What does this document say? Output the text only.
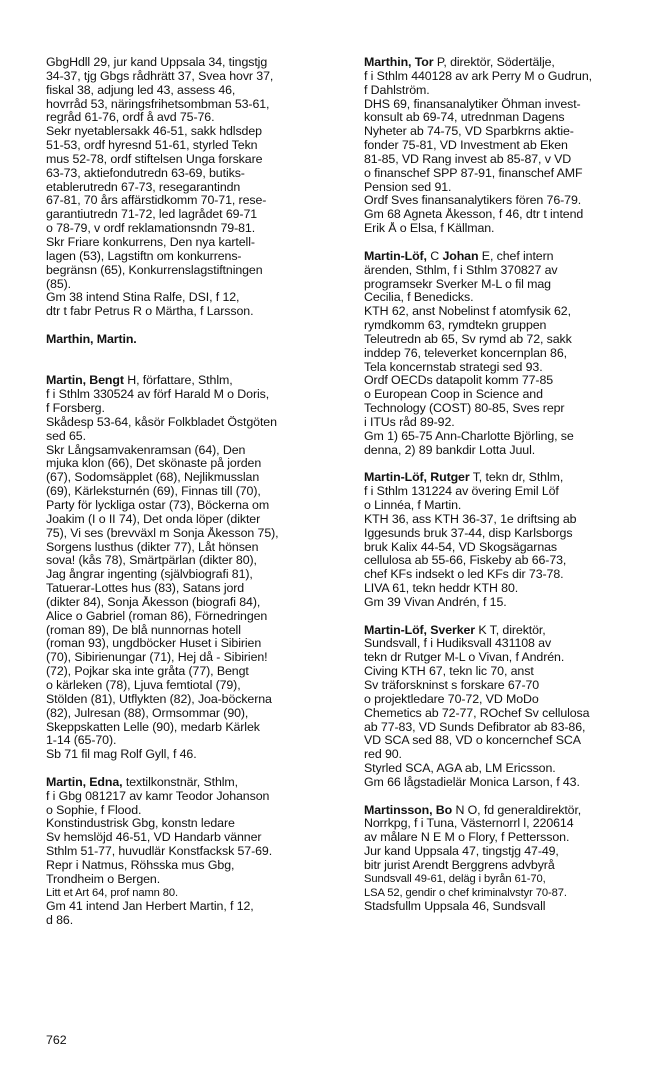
GbgHdll 29, jur kand Uppsala 34, tingstjg
34-37, tjg Gbgs rådhrätt 37, Svea hovr 37,
fiskal 38, adjung led 43, assess 46,
hovrråd 53, näringsfrihetsombman 53-61,
regråd 61-76, ordf å avd 75-76.
Sekr nyetablersakk 46-51, sakk hdlsdep
51-53, ordf hyresnd 51-61, styrled Tekn
mus 52-78, ordf stiftelsen Unga forskare
63-73, aktiefondutredn 63-69, butiks-
etablerutredn 67-73, resegarantindn
67-81, 70 års affärstidkomm 70-71, rese-
garantiutredn 71-72, led lagrådet 69-71
o 78-79, v ordf reklamationsndn 79-81.
Skr Friare konkurrens, Den nya kartell-
lagen (53), Lagstiftn om konkurrens-
begränsn (65), Konkurrenslagstiftningen
(85).
Gm 38 intend Stina Ralfe, DSI, f 12,
dtr t fabr Petrus R o Märtha, f Larsson.
Marthin, Martin.
Martin, Bengt H, författare, Sthlm,
f i Sthlm 330524 av förf Harald M o Doris,
f Forsberg.
Skådesp 53-64, kåsör Folkbladet Östgöten
sed 65.
Skr Långsamvakenramsan (64), Den
mjuka klon (66), Det skönaste på jorden
(67), Sodomsäpplet (68), Nejlikmusslan
(69), Kärleksturnén (69), Finnas till (70),
Party för lyckliga ostar (73), Böckerna om
Joakim (I o II 74), Det onda löper (dikter
75), Vi ses (brevväxl m Sonja Åkesson 75),
Sorgens lusthus (dikter 77), Låt hönsen
sova! (kås 78), Smärtpärlan (dikter 80),
Jag ångrar ingenting (självbiografi 81),
Tatuerar-Lottes hus (83), Satans jord
(dikter 84), Sonja Åkesson (biografi 84),
Alice o Gabriel (roman 86), Förnedringen
(roman 89), De blå nunnornas hotell
(roman 93), ungdböcker Huset i Sibirien
(70), Sibirienungar (71), Hej då - Sibirien!
(72), Pojkar ska inte gråta (77), Bengt
o kärleken (78), Ljuva femtiotal (79),
Stölden (81), Utflykten (82), Joa-böckerna
(82), Julresan (88), Ormsommar (90),
Skeppskatten Lelle (90), medarb Kärlek
1-14 (65-70).
Sb 71 fil mag Rolf Gyll, f 46.
Martin, Edna, textilkonstnär, Sthlm,
f i Gbg 081217 av kamr Teodor Johanson
o Sophie, f Flood.
Konstindustrisk Gbg, konstn ledare
Sv hemslöjd 46-51, VD Handarb vänner
Sthlm 51-77, huvudlär Konstfacksk 57-69.
Repr i Natmus, Röhsska mus Gbg,
Trondheim o Bergen.
Litt et Art 64, prof namn 80.
Gm 41 intend Jan Herbert Martin, f 12,
d 86.
Marthin, Tor P, direktör, Södertälje,
f i Sthlm 440128 av ark Perry M o Gudrun,
f Dahlström.
DHS 69, finansanalytiker Öhman invest-
konsult ab 69-74, utrednman Dagens
Nyheter ab 74-75, VD Sparbkrns aktie-
fonder 75-81, VD Investment ab Eken
81-85, VD Rang invest ab 85-87, v VD
o finanschef SPP 87-91, finanschef AMF
Pension sed 91.
Ordf Sves finansanalytikers fören 76-79.
Gm 68 Agneta Åkesson, f 46, dtr t intend
Erik Å o Elsa, f Källman.
Martin-Löf, C Johan E, chef intern
ärenden, Sthlm, f i Sthlm 370827 av
programsekr Sverker M-L o fil mag
Cecilia, f Benedicks.
KTH 62, anst Nobelinst f atomfysik 62,
rymdkomm 63, rymdtekn gruppen
Teleutredn ab 65, Sv rymd ab 72, sakk
inddep 76, televerket koncernplan 86,
Tela koncernstab strategi sed 93.
Ordf OECDs datapolit komm 77-85
o European Coop in Science and
Technology (COST) 80-85, Sves repr
i ITUs råd 89-92.
Gm 1) 65-75 Ann-Charlotte Björling, se
denna, 2) 89 bankdir Lotta Juul.
Martin-Löf, Rutger T, tekn dr, Sthlm,
f i Sthlm 131224 av övering Emil Löf
o Linnéa, f Martin.
KTH 36, ass KTH 36-37, 1e driftsing ab
Iggesunds bruk 37-44, disp Karlsborgs
bruk Kalix 44-54, VD Skogsägarnas
cellulosa ab 55-66, Fiskeby ab 66-73,
chef KFs indsekt o led KFs dir 73-78.
LIVA 61, tekn heddr KTH 80.
Gm 39 Vivan Andrén, f 15.
Martin-Löf, Sverker K T, direktör,
Sundsvall, f i Hudiksvall 431108 av
tekn dr Rutger M-L o Vivan, f Andrén.
Civing KTH 67, tekn lic 70, anst
Sv träforskninst s forskare 67-70
o projektledare 70-72, VD MoDo
Chemetics ab 72-77, ROchef Sv cellulosa
ab 77-83, VD Sunds Defibrator ab 83-86,
VD SCA sed 88, VD o koncernchef SCA
red 90.
Styrled SCA, AGA ab, LM Ericsson.
Gm 66 lågstadielär Monica Larson, f 43.
Martinsson, Bo N O, fd generaldirektör,
Norrkpg, f i Tuna, Västernorrl l, 220614
av målare N E M o Flory, f Pettersson.
Jur kand Uppsala 47, tingstjg 47-49,
bitr jurist Arendt Berggrens advbyrå
Sundsvall 49-61, deläg i byrån 61-70,
LSA 52, gendir o chef kriminalvstyr 70-87.
Stadsfullm Uppsala 46, Sundsvall
762
